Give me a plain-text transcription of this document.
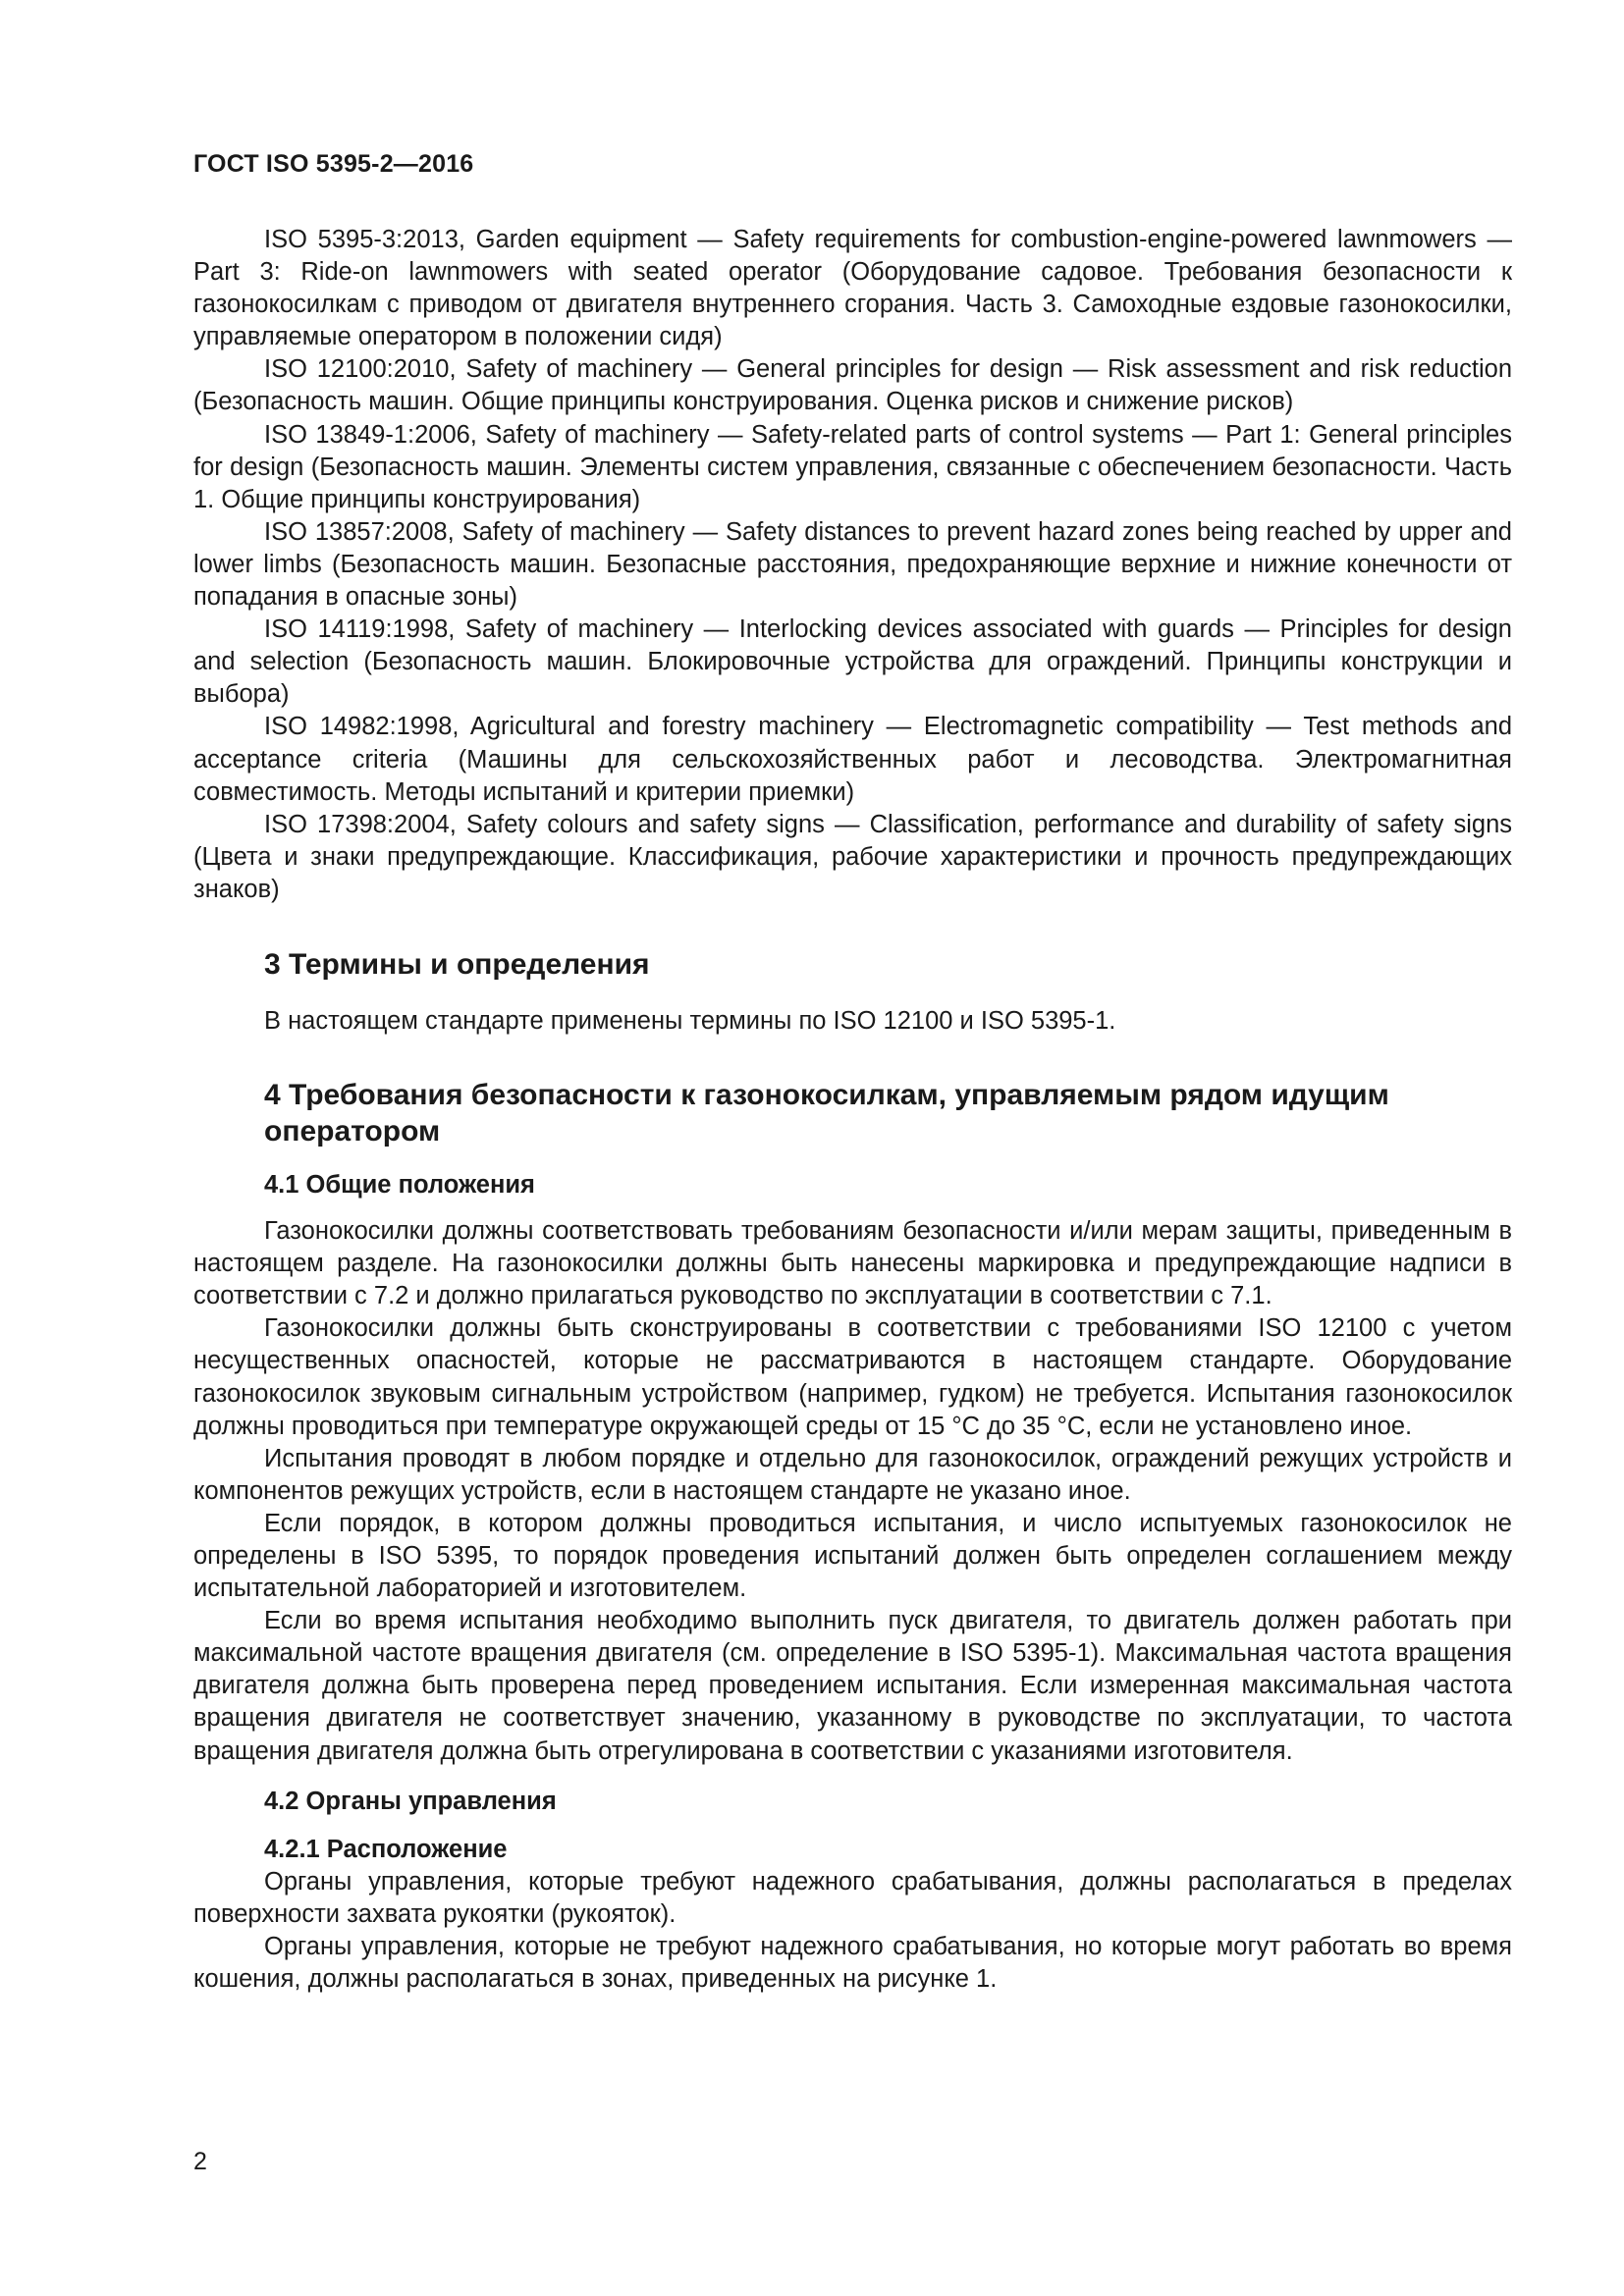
ГОСТ ISO 5395-2—2016

ISO 5395-3:2013, Garden equipment — Safety requirements for combustion-engine-powered lawnmowers — Part 3: Ride-on lawnmowers with seated operator (Оборудование садовое. Требования безопасности к газонокосилкам с приводом от двигателя внутреннего сгорания. Часть 3. Самоходные ездовые газонокосилки, управляемые оператором в положении сидя)

ISO 12100:2010, Safety of machinery — General principles for design — Risk assessment and risk reduction (Безопасность машин. Общие принципы конструирования. Оценка рисков и снижение рисков)

ISO 13849-1:2006, Safety of machinery — Safety-related parts of control systems — Part 1: General principles for design (Безопасность машин. Элементы систем управления, связанные с обеспечением безопасности. Часть 1. Общие принципы конструирования)

ISO 13857:2008, Safety of machinery — Safety distances to prevent hazard zones being reached by upper and lower limbs (Безопасность машин. Безопасные расстояния, предохраняющие верхние и нижние конечности от попадания в опасные зоны)

ISO 14119:1998, Safety of machinery — Interlocking devices associated with guards — Principles for design and selection (Безопасность машин. Блокировочные устройства для ограждений. Принципы конструкции и выбора)

ISO 14982:1998, Agricultural and forestry machinery — Electromagnetic compatibility — Test methods and acceptance criteria (Машины для сельскохозяйственных работ и лесоводства. Электромагнитная совместимость. Методы испытаний и критерии приемки)

ISO 17398:2004, Safety colours and safety signs — Classification, performance and durability of safety signs (Цвета и знаки предупреждающие. Классификация, рабочие характеристики и прочность предупреждающих знаков)

3 Термины и определения

В настоящем стандарте применены термины по ISO 12100 и ISO 5395-1.

4 Требования безопасности к газонокосилкам, управляемым рядом идущим оператором
4.1 Общие положения

Газонокосилки должны соответствовать требованиям безопасности и/или мерам защиты, приведенным в настоящем разделе. На газонокосилки должны быть нанесены маркировка и предупреждающие надписи в соответствии с 7.2 и должно прилагаться руководство по эксплуатации в соответствии с 7.1.

Газонокосилки должны быть сконструированы в соответствии с требованиями ISO 12100 с учетом несущественных опасностей, которые не рассматриваются в настоящем стандарте. Оборудование газонокосилок звуковым сигнальным устройством (например, гудком) не требуется. Испытания газонокосилок должны проводиться при температуре окружающей среды от 15 °С до 35 °С, если не установлено иное.

Испытания проводят в любом порядке и отдельно для газонокосилок, ограждений режущих устройств и компонентов режущих устройств, если в настоящем стандарте не указано иное.

Если порядок, в котором должны проводиться испытания, и число испытуемых газонокосилок не определены в ISO 5395, то порядок проведения испытаний должен быть определен соглашением между испытательной лабораторией и изготовителем.

Если во время испытания необходимо выполнить пуск двигателя, то двигатель должен работать при максимальной частоте вращения двигателя (см. определение в ISO 5395-1). Максимальная частота вращения двигателя должна быть проверена перед проведением испытания. Если измеренная максимальная частота вращения двигателя не соответствует значению, указанному в руководстве по эксплуатации, то частота вращения двигателя должна быть отрегулирована в соответствии с указаниями изготовителя.

4.2 Органы управления
4.2.1 Расположение

Органы управления, которые требуют надежного срабатывания, должны располагаться в пределах поверхности захвата рукоятки (рукояток).

Органы управления, которые не требуют надежного срабатывания, но которые могут работать во время кошения, должны располагаться в зонах, приведенных на рисунке 1.

2
